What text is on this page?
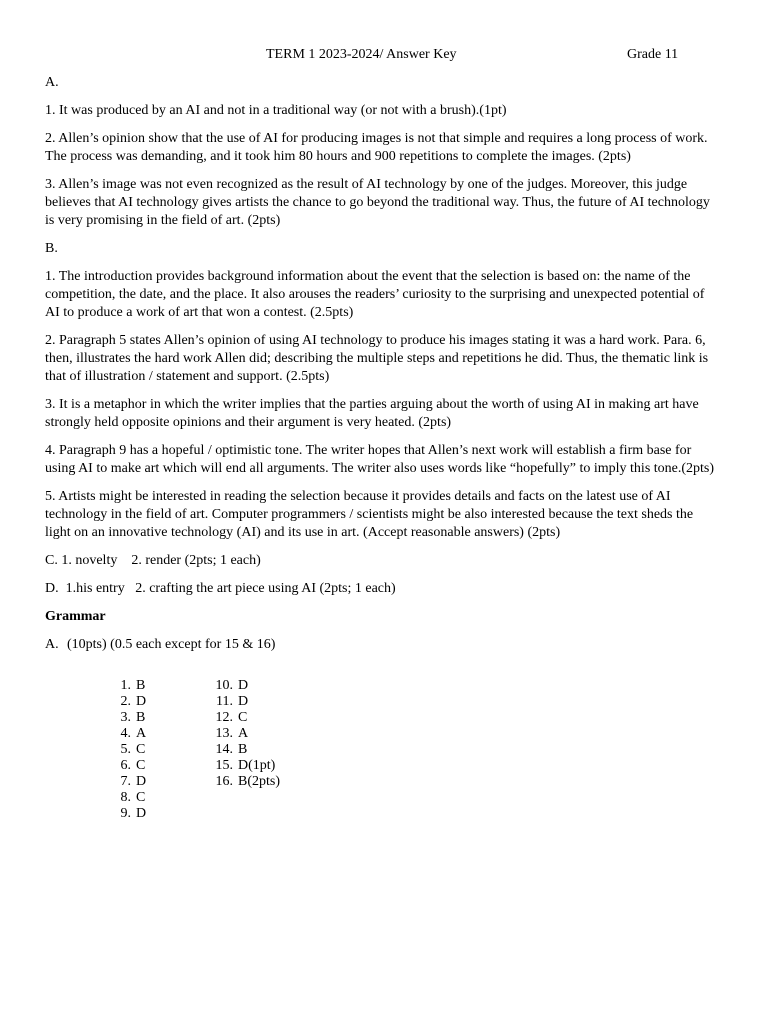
TERM 1 2023-2024/ Answer Key	Grade 11

A.

1. It was produced by an AI and not in a traditional way (or not with a brush).(1pt)

2. Allen’s opinion show that the use of AI for producing images is not that simple and requires a long process of work. The process was demanding, and it took him 80 hours and 900 repetitions to complete the images. (2pts)

3. Allen’s image was not even recognized as the result of AI technology by one of the judges. Moreover, this judge believes that AI technology gives artists the chance to go beyond the traditional way. Thus, the future of AI technology is very promising in the field of art. (2pts)

B.

1. The introduction provides background information about the event that the selection is based on: the name of the competition, the date, and the place. It also arouses the readers’ curiosity to the surprising and unexpected potential of AI to produce a work of art that won a contest. (2.5pts)

2. Paragraph 5 states Allen’s opinion of using AI technology to produce his images stating it was a hard work. Para. 6, then, illustrates the hard work Allen did; describing the multiple steps and repetitions he did. Thus, the thematic link is that of illustration / statement and support. (2.5pts)

3. It is a metaphor in which the writer implies that the parties arguing about the worth of using AI in making art have strongly held opposite opinions and their argument is very heated. (2pts)

4. Paragraph 9 has a hopeful / optimistic tone. The writer hopes that Allen’s next work will establish a firm base for using AI to make art which will end all arguments. The writer also uses words like “hopefully” to imply this tone.(2pts)

5. Artists might be interested in reading the selection because it provides details and facts on the latest use of AI technology in the field of art. Computer programmers / scientists might be also interested because the text sheds the light on an innovative technology (AI) and its use in art. (Accept reasonable answers) (2pts)

C. 1. novelty    2. render (2pts; 1 each)

D.  1.his entry   2. crafting the art piece using AI (2pts; 1 each)

Grammar

A. (10pts) (0.5 each except for 15 & 16)

1. B
2. D
3. B
4. A
5. C
6. C
7. D
8. C
9. D
10. D
11. D
12. C
13. A
14. B
15. D(1pt)
16. B(2pts)
